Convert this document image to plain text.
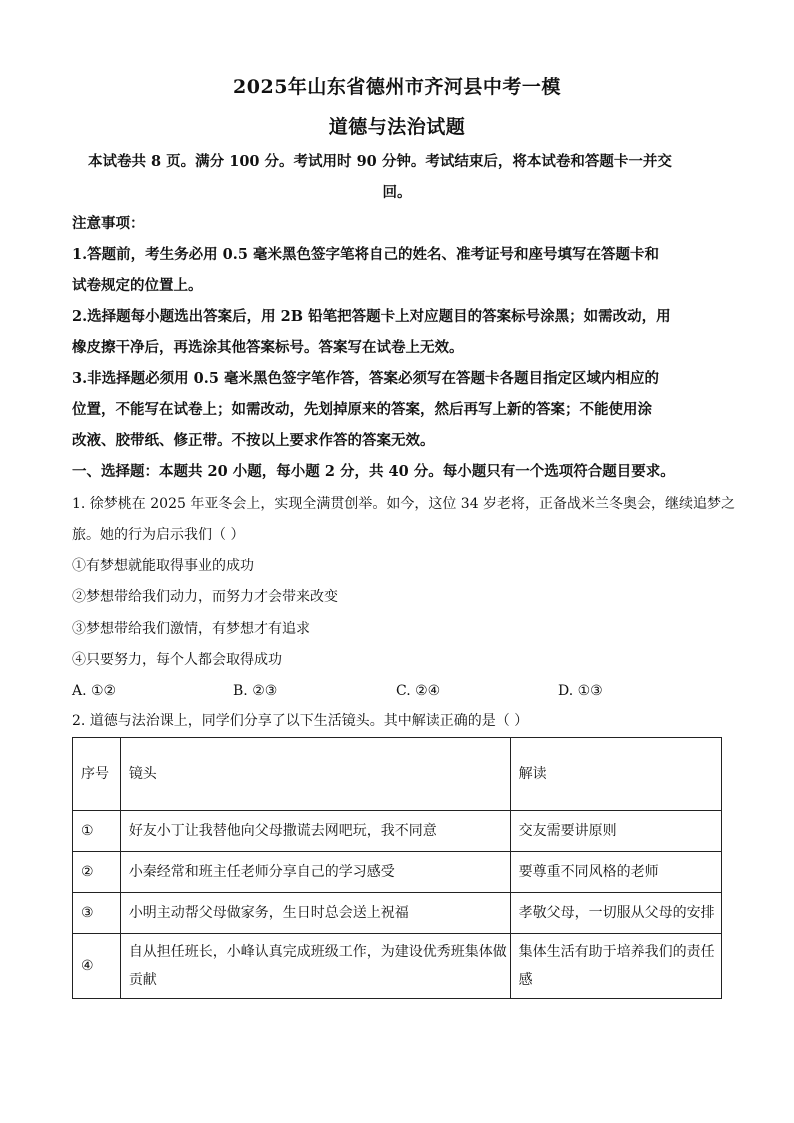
2025年山东省德州市齐河县中考一模
道德与法治试题
本试卷共 8 页。满分 100 分。考试用时 90 分钟。考试结束后，将本试卷和答题卡一并交
回。
注意事项：
1.答题前，考生务必用 0.5 毫米黑色签字笔将自己的姓名、准考证号和座号填写在答题卡和
试卷规定的位置上。
2.选择题每小题选出答案后，用 2B 铅笔把答题卡上对应题目的答案标号涂黑；如需改动，用
橡皮擦干净后，再选涂其他答案标号。答案写在试卷上无效。
3.非选择题必须用 0.5 毫米黑色签字笔作答，答案必须写在答题卡各题目指定区域内相应的
位置，不能写在试卷上；如需改动，先划掉原来的答案，然后再写上新的答案；不能使用涂
改液、胶带纸、修正带。不按以上要求作答的答案无效。
一、选择题：本题共 20 小题，每小题 2 分，共 40 分。每小题只有一个选项符合题目要求。
1. 徐梦桃在 2025 年亚冬会上，实现全满贯创举。如今，这位 34 岁老将，正备战米兰冬奥会，继续追梦之
旅。她的行为启示我们（ ）
①有梦想就能取得事业的成功
②梦想带给我们动力，而努力才会带来改变
③梦想带给我们激情，有梦想才有追求
④只要努力，每个人都会取得成功
A. ①②	B. ②③	C. ②④	D. ①③
2. 道德与法治课上，同学们分享了以下生活镜头。其中解读正确的是（ ）
序号	镜头	解读
①	好友小丁让我替他向父母撒谎去网吧玩，我不同意	交友需要讲原则
②	小秦经常和班主任老师分享自己的学习感受	要尊重不同风格的老师
③	小明主动帮父母做家务，生日时总会送上祝福	孝敬父母，一切服从父母的安排
④	自从担任班长，小峰认真完成班级工作，为建设优秀班集体做贡献	集体生活有助于培养我们的责任感
